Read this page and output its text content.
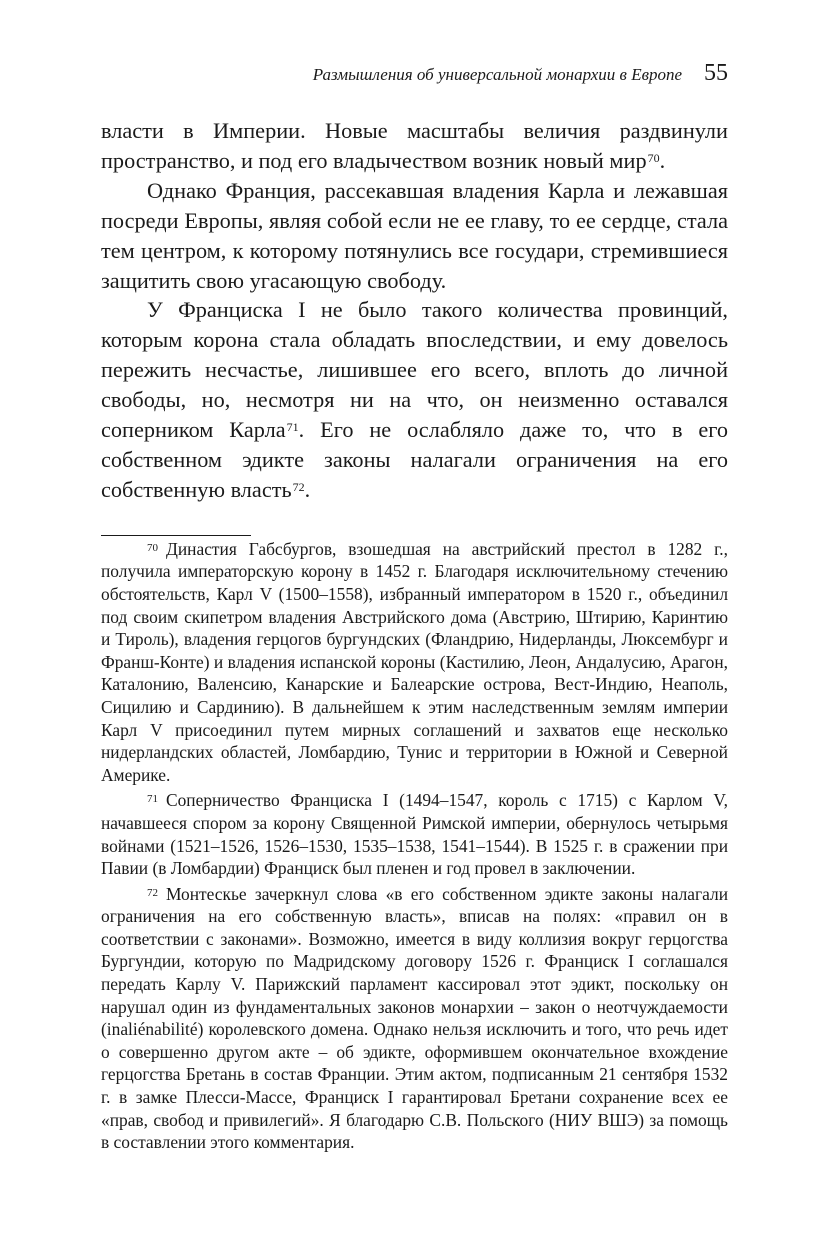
Размышления об универсальной монархии в Европе 55

власти в Империи. Новые масштабы величия раздвинули пространство, и под его владычеством возник новый мир$^{70}$.

Однако Франция, рассекавшая владения Карла и лежавшая посреди Европы, являя собой если не ее главу, то ее сердце, стала тем центром, к которому потянулись все государи, стремившиеся защитить свою угасающую свободу.

У Франциска I не было такого количества провинций, которым корона стала обладать впоследствии, и ему довелось пережить несчастье, лишившее его всего, вплоть до личной свободы, но, несмотря ни на что, он неизменно оставался соперником Карла$^{71}$. Его не ослабляло даже то, что в его собственном эдикте законы налагали ограничения на его собственную власть$^{72}$.

$^{70}$ Династия Габсбургов, взошедшая на австрийский престол в 1282 г., получила императорскую корону в 1452 г. Благодаря исключительному стечению обстоятельств, Карл V (1500–1558), избранный императором в 1520 г., объединил под своим скипетром владения Австрийского дома (Австрию, Штирию, Каринтию и Тироль), владения герцогов бургундских (Фландрию, Нидерланды, Люксембург и Франш-Конте) и владения испанской короны (Кастилию, Леон, Андалусию, Арагон, Каталонию, Валенсию, Канарские и Балеарские острова, Вест-Индию, Неаполь, Сицилию и Сардинию). В дальнейшем к этим наследственным землям империи Карл V присоединил путем мирных соглашений и захватов еще несколько нидерландских областей, Ломбардию, Тунис и территории в Южной и Северной Америке.

$^{71}$ Соперничество Франциска I (1494–1547, король с 1715) с Карлом V, начавшееся спором за корону Священной Римской империи, обернулось четырьмя войнами (1521–1526, 1526–1530, 1535–1538, 1541–1544). В 1525 г. в сражении при Павии (в Ломбардии) Франциск был пленен и год провел в заключении.

$^{72}$ Монтескье зачеркнул слова «в его собственном эдикте законы налагали ограничения на его собственную власть», вписав на полях: «правил он в соответствии с законами». Возможно, имеется в виду коллизия вокруг герцогства Бургундии, которую по Мадридскому договору 1526 г. Франциск I соглашался передать Карлу V. Парижский парламент кассировал этот эдикт, поскольку он нарушал один из фундаментальных законов монархии – закон о неотчуждаемости (inaliénabilité) королевского домена. Однако нельзя исключить и того, что речь идет о совершенно другом акте – об эдикте, оформившем окончательное вхождение герцогства Бретань в состав Франции. Этим актом, подписанным 21 сентября 1532 г. в замке Плесси-Массе, Франциск I гарантировал Бретани сохранение всех ее «прав, свобод и привилегий». Я благодарю С.В. Польского (НИУ ВШЭ) за помощь в составлении этого комментария.
